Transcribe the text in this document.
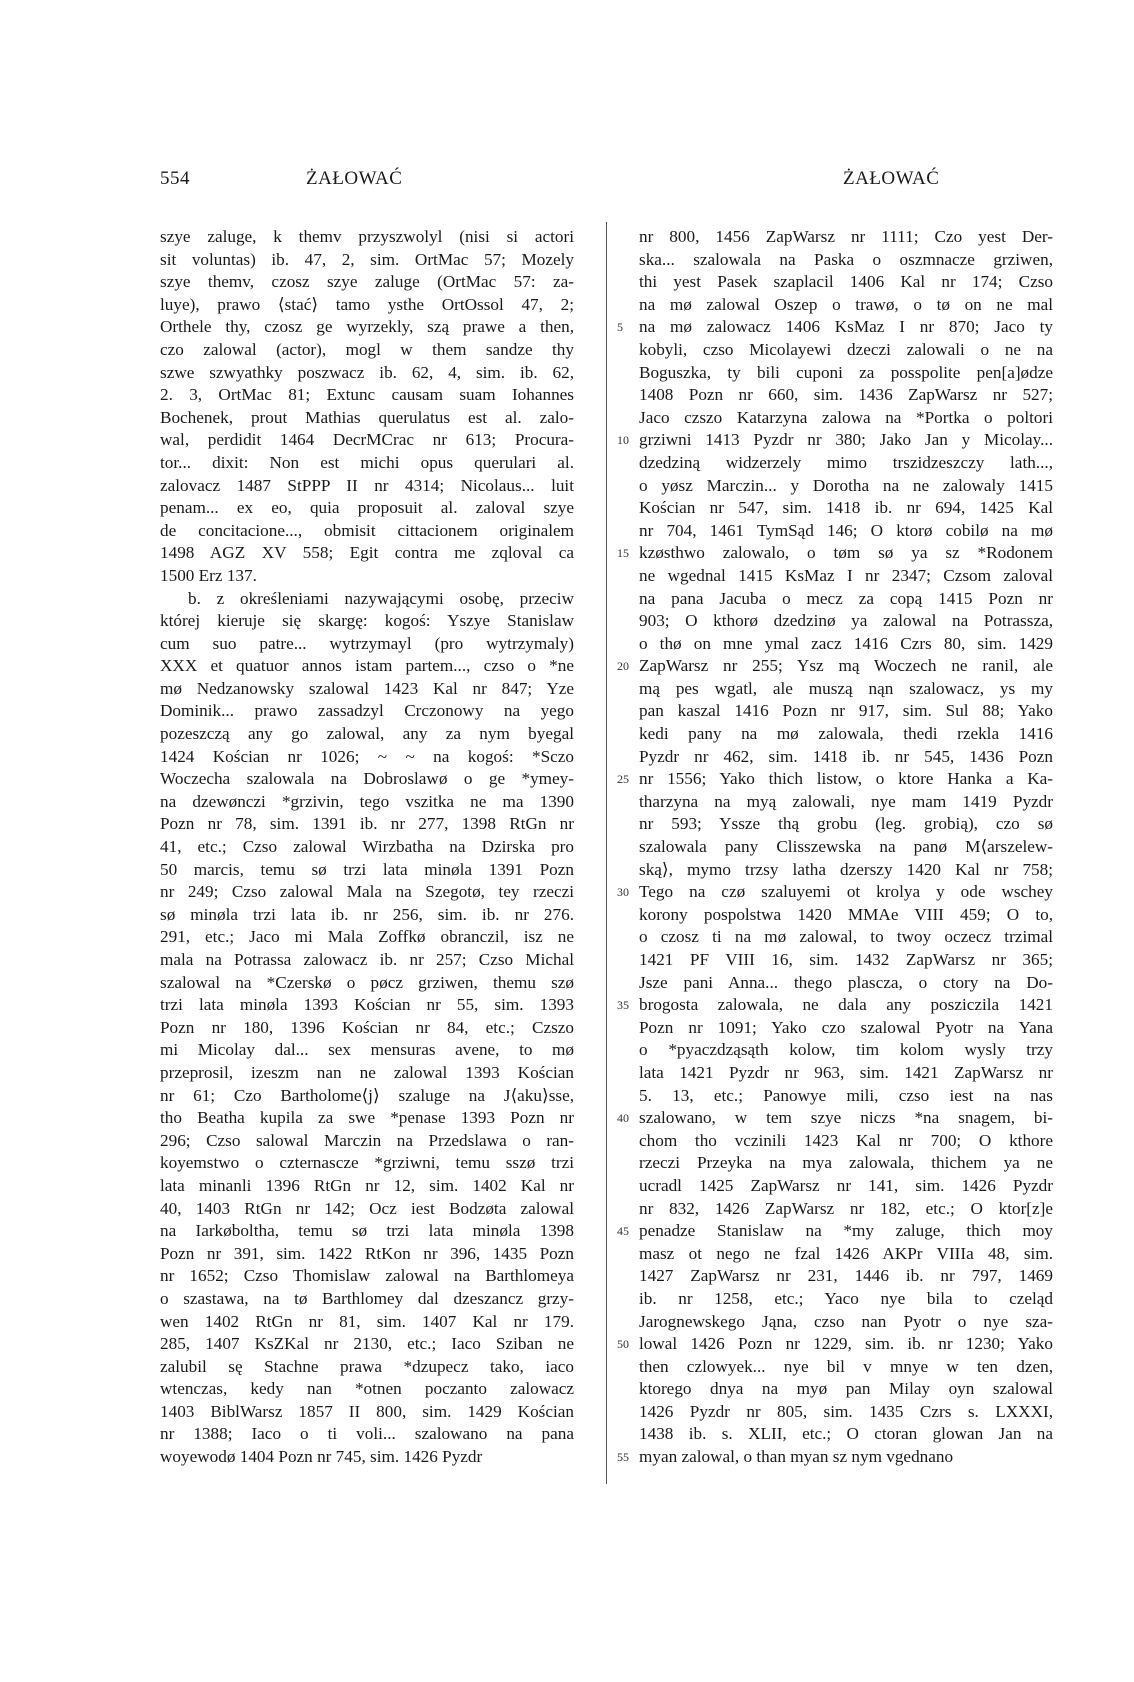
554	ŻAŁOWAĆ	ŻAŁOWAĆ
szye zaluge, k themv przyszwolyl (nisi si actori
sit voluntas) ib. 47, 2, sim. OrtMac 57; Mozely
szye themv, czosz szye zaluge (OrtMac 57: za-
luye), prawo ⟨stać⟩ tamo ysthe OrtOssol 47, 2;
Orthele thy, czosz ge wyrzekly, szą prawe a then,
czo zalowal (actor), mogl w them sandze thy
szwe szwyathky poszwacz ib. 62, 4, sim. ib. 62,
2. 3, OrtMac 81; Extunc causam suam Iohannes
Bochenek, prout Mathias querulatus est al. zalo-
wal, perdidit 1464 DecrMCrac nr 613; Procura-
tor... dixit: Non est michi opus querulari al.
zalovacz 1487 StPPP II nr 4314; Nicolaus... luit
penam... ex eo, quia proposuit al. zaloval szye
de concitacione..., obmisit cittacionem originalem
1498 AGZ XV 558; Egit contra me zqloval ca
1500 Erz 137.
b. z określeniami nazywającymi osobę, przeciw
której kieruje się skargę: kogoś: Yszye Stanislaw
cum suo patre... wytrzymayl (pro wytrzymaly)
XXX et quatuor annos istam partem..., czso o *ne
mø Nedzanowsky szalowal 1423 Kal nr 847; Yze
Dominik... prawo zassadzyl Crczonowy na yego
pozeszczą any go zalowal, any za nym byegal
1424 Kościan nr 1026; ~ ~ na kogoś: *Sczo
Woczecha szalowala na Dobroslawø o ge *ymey-
na dzewønczi *grzivin, tego vszitka ne ma 1390
Pozn nr 78, sim. 1391 ib. nr 277, 1398 RtGn nr
41, etc.; Czso zalowal Wirzbatha na Dzirska pro
50 marcis, temu sø trzi lata minøla 1391 Pozn
nr 249; Czso zalowal Mala na Szegotø, tey rzeczi
sø minøla trzi lata ib. nr 256, sim. ib. nr 276.
291, etc.; Jaco mi Mala Zoffkø obranczil, isz ne
mala na Potrassa zalowacz ib. nr 257; Czso Michal
szalowal na *Czerskø o pøcz grziwen, themu szø
trzi lata minøla 1393 Kościan nr 55, sim. 1393
Pozn nr 180, 1396 Kościan nr 84, etc.; Czszo
mi Micolay dal... sex mensuras avene, to mø
przeprosil, izeszm nan ne zalowal 1393 Kościan
nr 61; Czo Bartholome⟨j⟩ szaluge na J⟨aku⟩sse,
tho Beatha kupila za swe *penase 1393 Pozn nr
296; Czso salowal Marczin na Przedslawa o ran-
koyemstwo o czternascze *grziwni, temu sszø trzi
lata minanli 1396 RtGn nr 12, sim. 1402 Kal nr
40, 1403 RtGn nr 142; Ocz iest Bodzøta zalowal
na Iarkøboltha, temu sø trzi lata minøla 1398
Pozn nr 391, sim. 1422 RtKon nr 396, 1435 Pozn
nr 1652; Czso Thomislaw zalowal na Barthlomeya
o szastawa, na tø Barthlomey dal dzeszancz grzy-
wen 1402 RtGn nr 81, sim. 1407 Kal nr 179.
285, 1407 KsZKal nr 2130, etc.; Iaco Sziban ne
zalubil sę Stachne prawa *dzupecz tako, iaco
wtenczas, kedy nan *otnen poczanto zalowacz
1403 BiblWarsz 1857 II 800, sim. 1429 Kościan
nr 1388; Iaco o ti voli... szalowano na pana
woyewodø 1404 Pozn nr 745, sim. 1426 Pyzdr
5
10
15
20
25
30
35
40
45
50
55
nr 800, 1456 ZapWarsz nr 1111; Czo yest Der-
ska... szalowala na Paska o oszmnacze grziwen,
thi yest Pasek szaplacil 1406 Kal nr 174; Czso
na mø zalowal Oszep o trawø, o tø on ne mal
na mø zalowacz 1406 KsMaz I nr 870; Jaco ty
kobyli, czso Micolayewi dzeczi zalowali o ne na
Boguszka, ty bili cuponi za posspolite pen[a]ødze
1408 Pozn nr 660, sim. 1436 ZapWarsz nr 527;
Jaco czszo Katarzyna zalowa na *Portka o poltori
grziwni 1413 Pyzdr nr 380; Jako Jan y Micolay...
dzedziną widzerzely mimo trszidzeszczy lath...,
o yøsz Marczin... y Dorotha na ne zalowaly 1415
Kościan nr 547, sim. 1418 ib. nr 694, 1425 Kal
nr 704, 1461 TymSąd 146; O ktorø cobilø na mø
kzøsthwo zalowalo, o tøm sø ya sz *Rodonem
ne wgednal 1415 KsMaz I nr 2347; Czsom zaloval
na pana Jacuba o mecz za copą 1415 Pozn nr
903; O kthorø dzedzinø ya zalowal na Potrassza,
o thø on mne ymal zacz 1416 Czrs 80, sim. 1429
ZapWarsz nr 255; Ysz mą Woczech ne ranil, ale
mą pes wgatl, ale muszą nąn szalowacz, ys my
pan kaszal 1416 Pozn nr 917, sim. Sul 88; Yako
kedi pany na mø zalowala, thedi rzekla 1416
Pyzdr nr 462, sim. 1418 ib. nr 545, 1436 Pozn
nr 1556; Yako thich listow, o ktore Hanka a Ka-
tharzyna na myą zalowali, nye mam 1419 Pyzdr
nr 593; Yssze thą grobu (leg. grobią), czo sø
szalowala pany Clisszewska na panø M⟨arszelew-
ską⟩, mymo trzsy latha dzerszy 1420 Kal nr 758;
Tego na czø szaluyemi ot krolya y ode wschey
korony pospolstwa 1420 MMAe VIII 459; O to,
o czosz ti na mø zalowal, to twoy oczecz trzimal
1421 PF VIII 16, sim. 1432 ZapWarsz nr 365;
Jsze pani Anna... thego plascza, o ctory na Do-
brogosta zalowala, ne dala any posziczila 1421
Pozn nr 1091; Yako czo szalowal Pyotr na Yana
o *pyaczdząsąth kolow, tim kolom wysly trzy
lata 1421 Pyzdr nr 963, sim. 1421 ZapWarsz nr
5. 13, etc.; Panowye mili, czso iest na nas
szalowano, w tem szye niczs *na snagem, bi-
chom tho vczinili 1423 Kal nr 700; O kthore
rzeczi Przeyka na mya zalowala, thichem ya ne
ucradl 1425 ZapWarsz nr 141, sim. 1426 Pyzdr
nr 832, 1426 ZapWarsz nr 182, etc.; O ktor[z]e
penadze Stanislaw na *my zaluge, thich moy
masz ot nego ne fzal 1426 AKPr VIIIa 48, sim.
1427 ZapWarsz nr 231, 1446 ib. nr 797, 1469
ib. nr 1258, etc.; Yaco nye bila to czeląd
Jarognewskego Jąna, czso nan Pyotr o nye sza-
lowal 1426 Pozn nr 1229, sim. ib. nr 1230; Yako
then czlowyek... nye bil v mnye w ten dzen,
ktorego dnya na myø pan Milay oyn szalowal
1426 Pyzdr nr 805, sim. 1435 Czrs s. LXXXI,
1438 ib. s. XLII, etc.; O ctoran glowan Jan na
myan zalowal, o than myan sz nym vgednano
